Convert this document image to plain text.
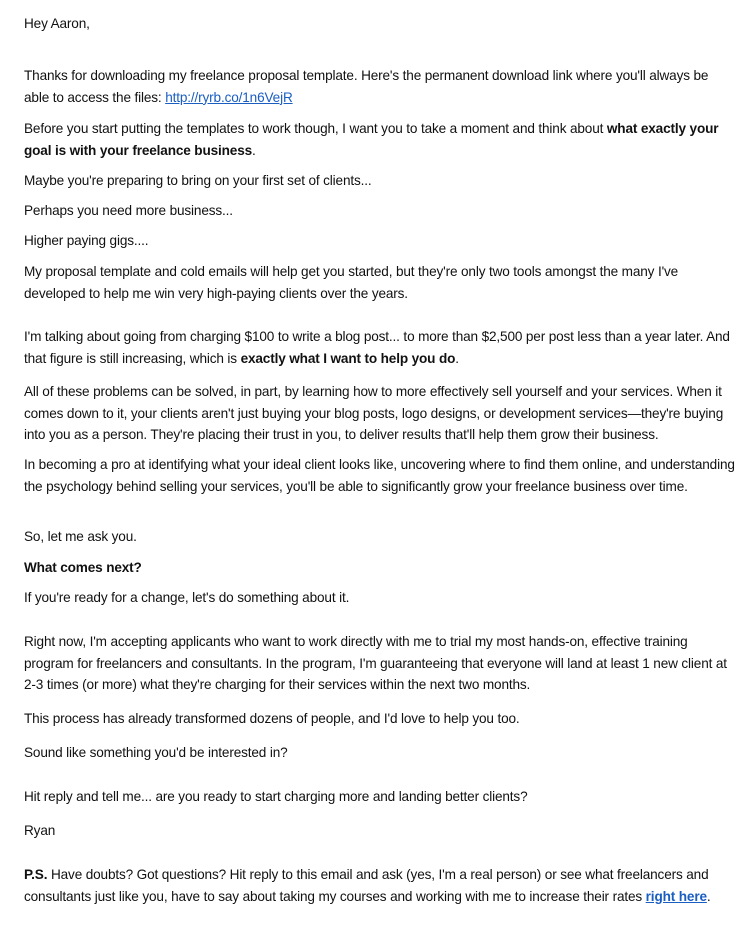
Hey Aaron,

Thanks for downloading my freelance proposal template. Here's the permanent download link where you'll always be able to access the files: http://ryrb.co/1n6VejR

Before you start putting the templates to work though, I want you to take a moment and think about what exactly your goal is with your freelance business.

Maybe you're preparing to bring on your first set of clients...

Perhaps you need more business...

Higher paying gigs....

My proposal template and cold emails will help get you started, but they're only two tools amongst the many I've developed to help me win very high-paying clients over the years.

I'm talking about going from charging $100 to write a blog post... to more than $2,500 per post less than a year later. And that figure is still increasing, which is exactly what I want to help you do.

All of these problems can be solved, in part, by learning how to more effectively sell yourself and your services. When it comes down to it, your clients aren't just buying your blog posts, logo designs, or development services—they're buying into you as a person. They're placing their trust in you, to deliver results that'll help them grow their business.

In becoming a pro at identifying what your ideal client looks like, uncovering where to find them online, and understanding the psychology behind selling your services, you'll be able to significantly grow your freelance business over time.

So, let me ask you.

What comes next?

If you're ready for a change, let's do something about it.

Right now, I'm accepting applicants who want to work directly with me to trial my most hands-on, effective training program for freelancers and consultants. In the program, I'm guaranteeing that everyone will land at least 1 new client at 2-3 times (or more) what they're charging for their services within the next two months.

This process has already transformed dozens of people, and I'd love to help you too.

Sound like something you'd be interested in?

Hit reply and tell me... are you ready to start charging more and landing better clients?

Ryan

P.S. Have doubts? Got questions? Hit reply to this email and ask (yes, I'm a real person) or see what freelancers and consultants just like you, have to say about taking my courses and working with me to increase their rates right here.
